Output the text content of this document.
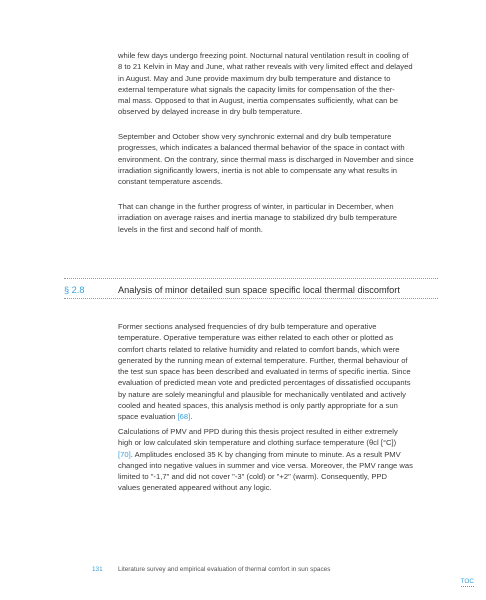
while few days undergo freezing point. Nocturnal natural ventilation result in cooling of
8 to 21 Kelvin in May and June, what rather reveals with very limited effect and delayed
in August. May and June provide maximum dry bulb temperature and distance to
external temperature what signals the capacity limits for compensation of the ther-
mal mass. Opposed to that in August, inertia compensates sufficiently, what can be
observed by delayed increase in dry bulb temperature.
September and October show very synchronic external and dry bulb temperature
progresses, which indicates a balanced thermal behavior of the space in contact with
environment. On the contrary, since thermal mass is discharged in November and since
irradiation significantly lowers, inertia is not able to compensate any what results in
constant temperature ascends.
That can change in the further progress of winter, in particular in December, when
irradiation on average raises and inertia manage to stabilized dry bulb temperature
levels in the first and second half of month.
§ 2.8	Analysis of minor detailed sun space specific local thermal discomfort
Former sections analysed frequencies of dry bulb temperature and operative
temperature. Operative temperature was either related to each other or plotted as
comfort charts related to relative humidity and related to comfort bands, which were
generated by the running mean of external temperature. Further, thermal behaviour of
the test sun space has been described and evaluated in terms of specific inertia. Since
evaluation of predicted mean vote and predicted percentages of dissatisfied occupants
by nature are solely meaningful and plausible for mechanically ventilated and actively
cooled and heated spaces, this analysis method is only partly appropriate for a sun
space evaluation [68].
Calculations of PMV and PPD during this thesis project resulted in either extremely
high or low calculated skin temperature and clothing surface temperature (θcl [°C])
[70]. Amplitudes enclosed 35 K by changing from minute to minute. As a result PMV
changed into negative values in summer and vice versa. Moreover, the PMV range was
limited to "-1,7" and did not cover "-3" (cold) or "+2" (warm). Consequently, PPD
values generated appeared without any logic.
131 Literature survey and empirical evaluation of thermal comfort in sun spaces
TOC
